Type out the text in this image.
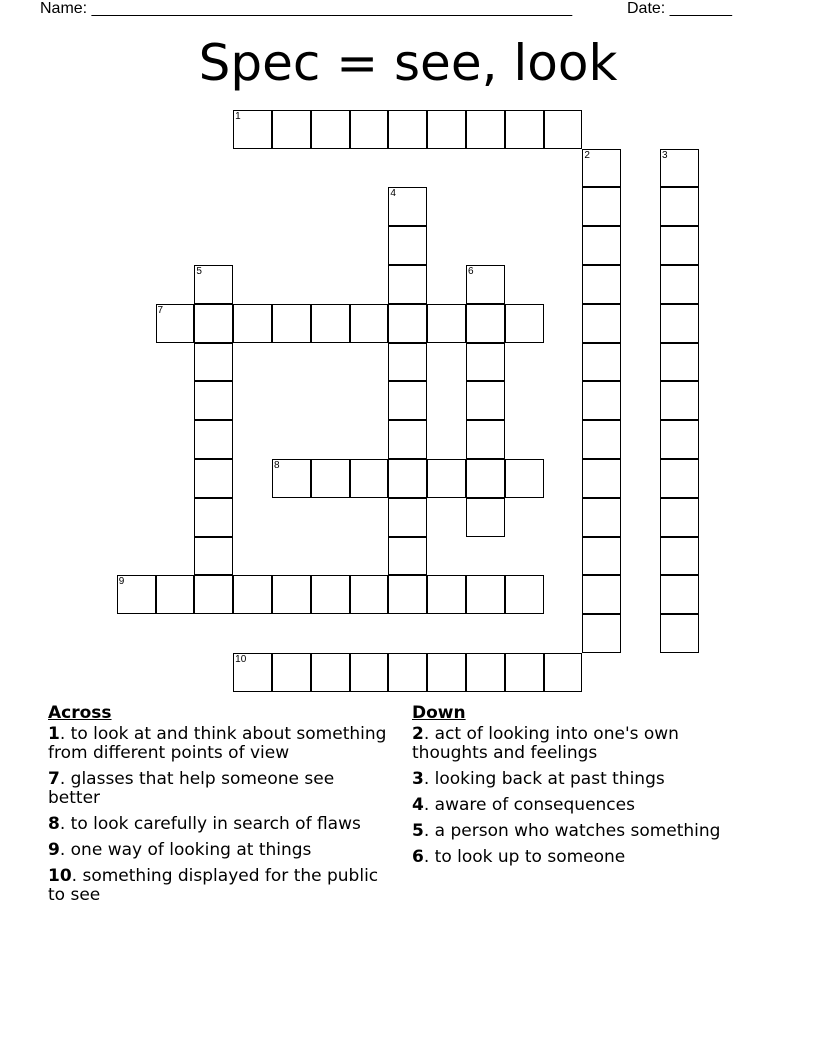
Name: ______________________________________________________	Date: _______
Spec = see, look
1
2	3
4
5	6
7
8
9
10
Across
1. to look at and think about something from different points of view
7. glasses that help someone see better
8. to look carefully in search of flaws
9. one way of looking at things
10. something displayed for the public to see
Down
2. act of looking into one's own thoughts and feelings
3. looking back at past things
4. aware of consequences
5. a person who watches something
6. to look up to someone
